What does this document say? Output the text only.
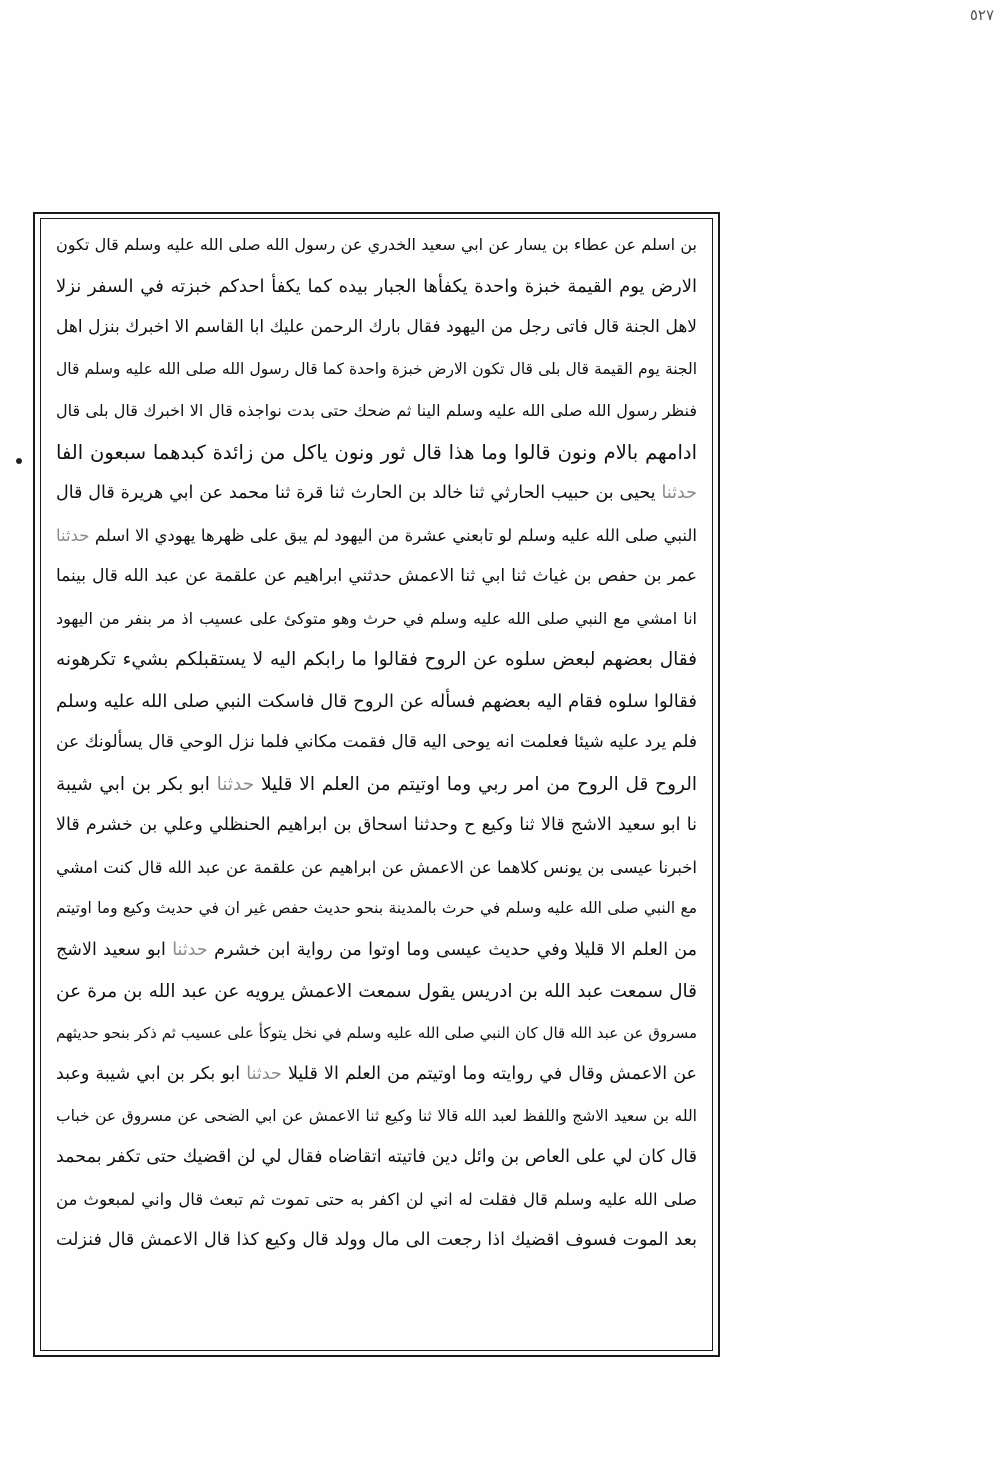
٥٢٧
بن اسلم عن عطاء بن يسار عن ابي سعيد الخدري عن رسول الله صلى الله عليه وسلم قال تكون
الارض يوم القيمة خبزة واحدة يكفأها الجبار بيده كما يكفأ احدكم خبزته في السفر نزلا
لاهل الجنة قال فاتى رجل من اليهود فقال بارك الرحمن عليك ابا القاسم الا اخبرك بنزل اهل
الجنة يوم القيمة قال بلى قال تكون الارض خبزة واحدة كما قال رسول الله صلى الله عليه وسلم قال
فنظر رسول الله صلى الله عليه وسلم الينا ثم ضحك حتى بدت نواجذه قال الا اخبرك قال بلى قال
ادامهم بالام ونون قالوا وما هذا قال ثور ونون ياكل من زائدة كبدهما سبعون الفا
حدثنا يحيى بن حبيب الحارثي ثنا خالد بن الحارث ثنا قرة ثنا محمد عن ابي هريرة قال قال
النبي صلى الله عليه وسلم لو تابعني عشرة من اليهود لم يبق على ظهرها يهودي الا اسلم حدثنا
عمر بن حفص بن غياث ثنا ابي ثنا الاعمش حدثني ابراهيم عن علقمة عن عبد الله قال بينما
انا امشي مع النبي صلى الله عليه وسلم في حرث وهو متوكئ على عسيب اذ مر بنفر من اليهود
فقال بعضهم لبعض سلوه عن الروح فقالوا ما رابكم اليه لا يستقبلكم بشيء تكرهونه
فقالوا سلوه فقام اليه بعضهم فسأله عن الروح قال فاسكت النبي صلى الله عليه وسلم
فلم يرد عليه شيئا فعلمت انه يوحى اليه قال فقمت مكاني فلما نزل الوحي قال يسألونك عن
الروح قل الروح من امر ربي وما اوتيتم من العلم الا قليلا حدثنا ابو بكر بن ابي شيبة
نا ابو سعيد الاشج قالا ثنا وكيع ح وحدثنا اسحاق بن ابراهيم الحنظلي وعلي بن خشرم قالا
اخبرنا عيسى بن يونس كلاهما عن الاعمش عن ابراهيم عن علقمة عن عبد الله قال كنت امشي
مع النبي صلى الله عليه وسلم في حرث بالمدينة بنحو حديث حفص غير ان في حديث وكيع وما اوتيتم
من العلم الا قليلا وفي حديث عيسى وما اوتوا من رواية ابن خشرم حدثنا ابو سعيد الاشج
قال سمعت عبد الله بن ادريس يقول سمعت الاعمش يرويه عن عبد الله بن مرة عن
مسروق عن عبد الله قال كان النبي صلى الله عليه وسلم في نخل يتوكأ على عسيب ثم ذكر بنحو حديثهم
عن الاعمش وقال في روايته وما اوتيتم من العلم الا قليلا حدثنا ابو بكر بن ابي شيبة وعبد
الله بن سعيد الاشج واللفظ لعبد الله قالا ثنا وكيع ثنا الاعمش عن ابي الضحى عن مسروق عن خباب
قال كان لي على العاص بن وائل دين فاتيته اتقاضاه فقال لي لن اقضيك حتى تكفر بمحمد
صلى الله عليه وسلم قال فقلت له اني لن اكفر به حتى تموت ثم تبعث قال واني لمبعوث من
بعد الموت فسوف اقضيك اذا رجعت الى مال وولد قال وكيع كذا قال الاعمش قال فنزلت
